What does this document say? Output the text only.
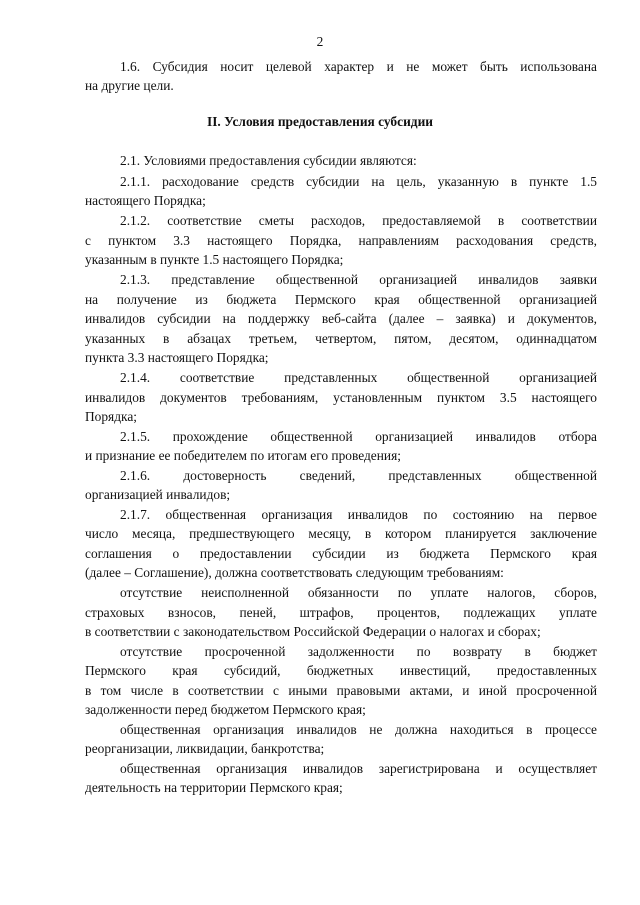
2
1.6. Субсидия носит целевой характер и не может быть использована
на другие цели.
II. Условия предоставления субсидии
2.1. Условиями предоставления субсидии являются:
2.1.1. расходование средств субсидии на цель, указанную в пункте 1.5
настоящего Порядка;
2.1.2. соответствие сметы расходов, предоставляемой в соответствии
с пунктом 3.3 настоящего Порядка, направлениям расходования средств,
указанным в пункте 1.5 настоящего Порядка;
2.1.3. представление общественной организацией инвалидов заявки
на получение из бюджета Пермского края общественной организацией
инвалидов субсидии на поддержку веб-сайта (далее – заявка) и документов,
указанных в абзацах третьем, четвертом, пятом, десятом, одиннадцатом
пункта 3.3 настоящего Порядка;
2.1.4. соответствие представленных общественной организацией
инвалидов документов требованиям, установленным пунктом 3.5 настоящего
Порядка;
2.1.5. прохождение общественной организацией инвалидов отбора
и признание ее победителем по итогам его проведения;
2.1.6. достоверность сведений, представленных общественной
организацией инвалидов;
2.1.7. общественная организация инвалидов по состоянию на первое
число месяца, предшествующего месяцу, в котором планируется заключение
соглашения о предоставлении субсидии из бюджета Пермского края
(далее – Соглашение), должна соответствовать следующим требованиям:
отсутствие неисполненной обязанности по уплате налогов, сборов,
страховых взносов, пеней, штрафов, процентов, подлежащих уплате
в соответствии с законодательством Российской Федерации о налогах и сборах;
отсутствие просроченной задолженности по возврату в бюджет
Пермского края субсидий, бюджетных инвестиций, предоставленных
в том числе в соответствии с иными правовыми актами, и иной просроченной
задолженности перед бюджетом Пермского края;
общественная организация инвалидов не должна находиться в процессе
реорганизации, ликвидации, банкротства;
общественная организация инвалидов зарегистрирована и осуществляет
деятельность на территории Пермского края;
